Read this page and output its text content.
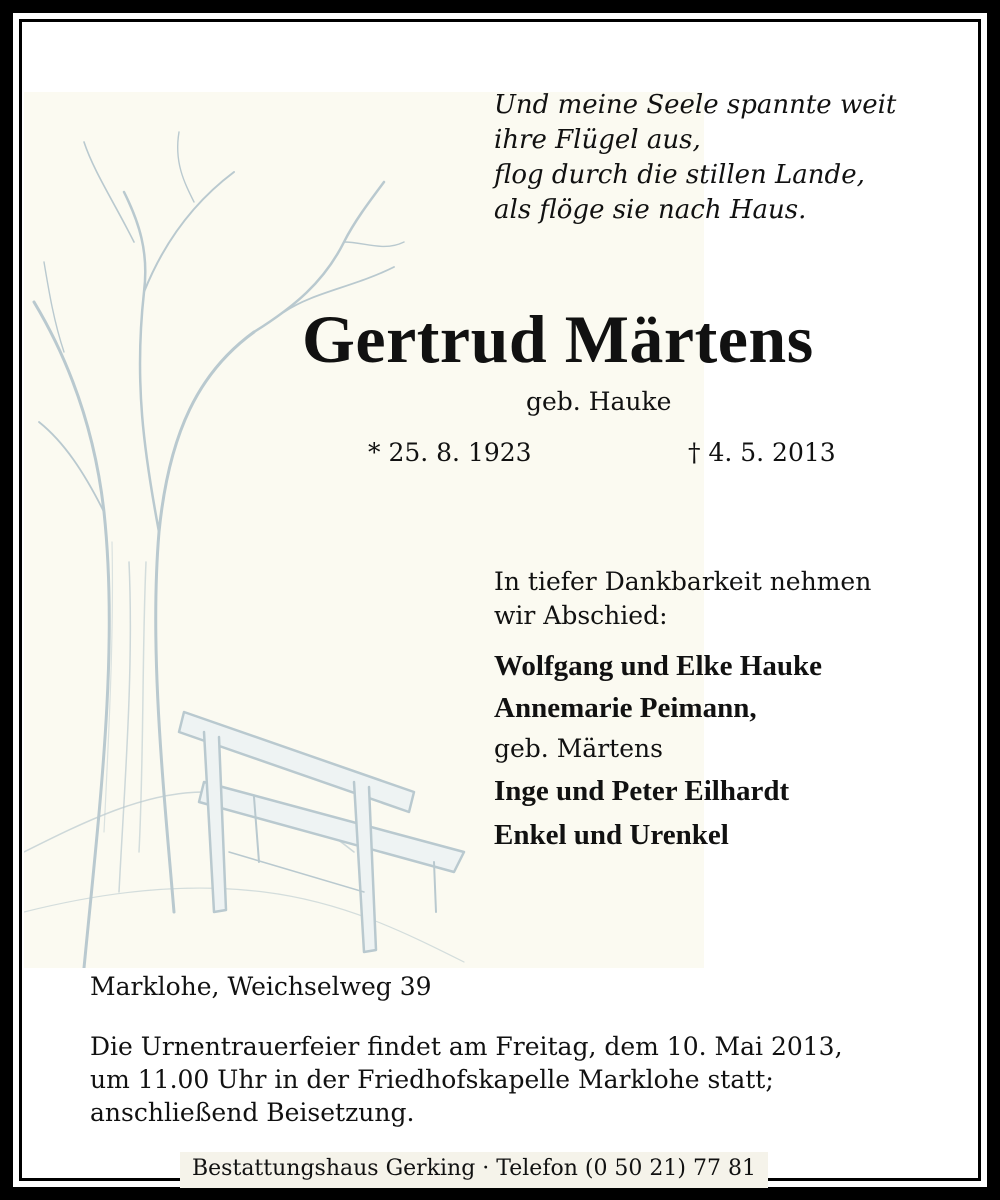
Und meine Seele spannte weit
ihre Flügel aus,
flog durch die stillen Lande,
als flöge sie nach Haus.
Gertrud Märtens
geb. Hauke
* 25. 8. 1923	† 4. 5. 2013
In tiefer Dankbarkeit nehmen
wir Abschied:
Wolfgang und Elke Hauke
Annemarie Peimann,
geb. Märtens
Inge und Peter Eilhardt
Enkel und Urenkel
Marklohe, Weichselweg 39
Die Urnentrauerfeier findet am Freitag, dem 10. Mai 2013,
um 11.00 Uhr in der Friedhofskapelle Marklohe statt;
anschließend Beisetzung.
Bestattungshaus Gerking · Telefon (0 50 21) 77 81
